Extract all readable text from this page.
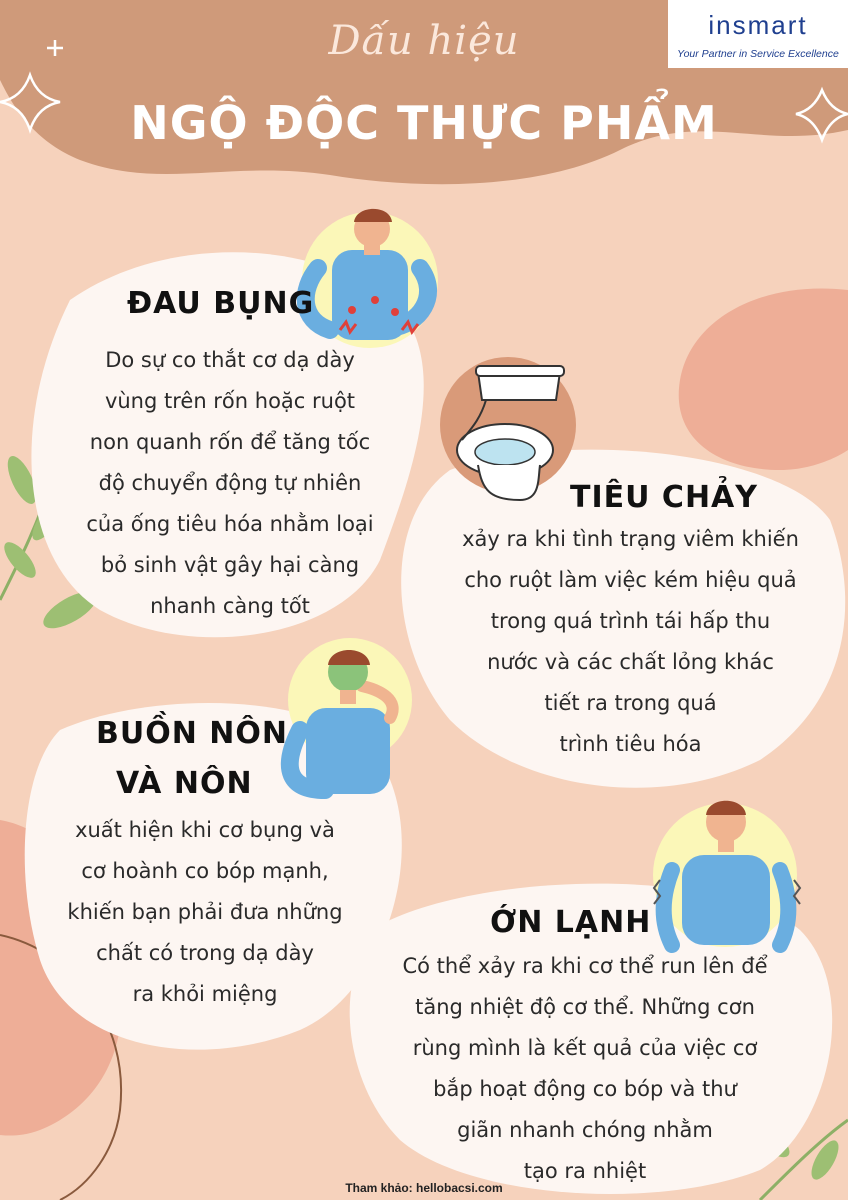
Dấu hiệu
NGỘ ĐỘC THỰC PHẨM
insmart
Your Partner in Service Excellence
ĐAU BỤNG
Do sự co thắt cơ dạ dày
vùng trên rốn hoặc ruột
non quanh rốn để tăng tốc
độ chuyển động tự nhiên
của ống tiêu hóa nhằm loại
bỏ sinh vật gây hại càng
nhanh càng tốt
TIÊU CHẢY
xảy ra khi tình trạng viêm khiến
cho ruột làm việc kém hiệu quả
trong quá trình tái hấp thu
nước và các chất lỏng khác
tiết ra trong quá
trình tiêu hóa
BUỒN NÔN
VÀ NÔN
xuất hiện khi cơ bụng và
cơ hoành co bóp mạnh,
khiến bạn phải đưa những
chất có trong dạ dày
ra khỏi miệng
ỚN LẠNH
Có thể xảy ra khi cơ thể run lên để
tăng nhiệt độ cơ thể. Những cơn
rùng mình là kết quả của việc cơ
bắp hoạt động co bóp và thư
giãn nhanh chóng nhằm
tạo ra nhiệt
Tham khảo: hellobacsi.com
